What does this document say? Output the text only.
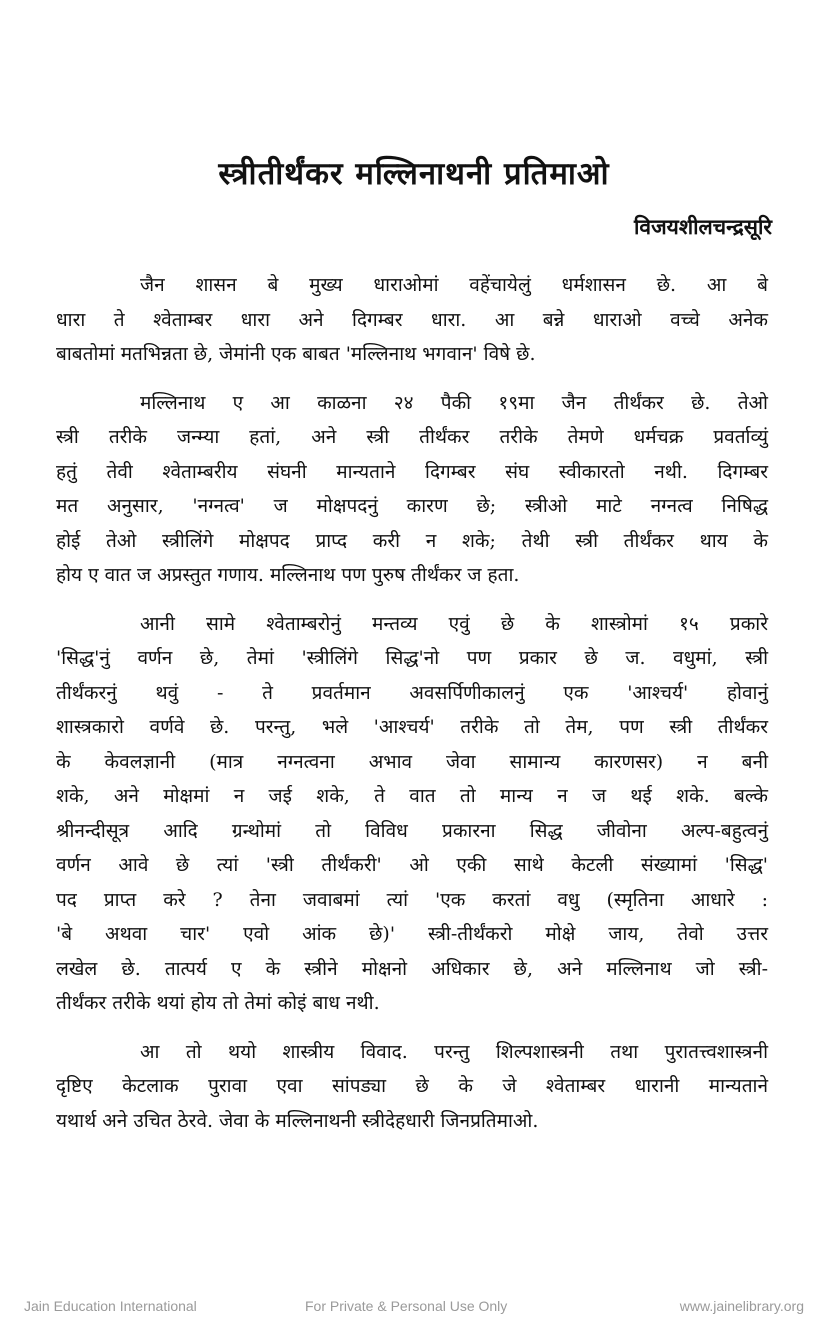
स्त्रीतीर्थंकर मल्लिनाथनी प्रतिमाओ
विजयशीलचन्द्रसूरि

जैन शासन बे मुख्य धाराओमां वहेंचायेलुं धर्मशासन छे. आ बे
धारा ते श्वेताम्बर धारा अने दिगम्बर धारा. आ बन्ने धाराओ वच्चे अनेक
बाबतोमां मतभिन्नता छे, जेमांनी एक बाबत 'मल्लिनाथ भगवान' विषे छे.

मल्लिनाथ ए आ काळना २४ पैकी १९मा जैन तीर्थंकर छे. तेओ
स्त्री तरीके जन्म्या हतां, अने स्त्री तीर्थंकर तरीके तेमणे धर्मचक्र प्रवर्ताव्युं
हतुं तेवी श्वेताम्बरीय संघनी मान्यताने दिगम्बर संघ स्वीकारतो नथी. दिगम्बर
मत अनुसार, 'नग्नत्व' ज मोक्षपदनुं कारण छे; स्त्रीओ माटे नग्नत्व निषिद्ध
होई तेओ स्त्रीलिंगे मोक्षपद प्राप्द करी न शके; तेथी स्त्री तीर्थंकर थाय के
होय ए वात ज अप्रस्तुत गणाय. मल्लिनाथ पण पुरुष तीर्थंकर ज हता.

आनी सामे श्वेताम्बरोनुं मन्तव्य एवुं छे के शास्त्रोमां १५ प्रकारे
'सिद्ध'नुं वर्णन छे, तेमां 'स्त्रीलिंगे सिद्ध'नो पण प्रकार छे ज. वधुमां, स्त्री
तीर्थंकरनुं थवुं - ते प्रवर्तमान अवसर्पिणीकालनुं एक 'आश्चर्य' होवानुं
शास्त्रकारो वर्णवे छे. परन्तु, भले 'आश्चर्य' तरीके तो तेम, पण स्त्री तीर्थंकर
के केवलज्ञानी (मात्र नग्नत्वना अभाव जेवा सामान्य कारणसर) न बनी
शके, अने मोक्षमां न जई शके, ते वात तो मान्य न ज थई शके. बल्के
श्रीनन्दीसूत्र आदि ग्रन्थोमां तो विविध प्रकारना सिद्ध जीवोना अल्प-बहुत्वनुं
वर्णन आवे छे त्यां 'स्त्री तीर्थंकरी' ओ एकी साथे केटली संख्यामां 'सिद्ध'
पद प्राप्त करे ? तेना जवाबमां त्यां 'एक करतां वधु (स्मृतिना आधारे :
'बे अथवा चार' एवो आंक छे)' स्त्री-तीर्थंकरो मोक्षे जाय, तेवो उत्तर
लखेल छे. तात्पर्य ए के स्त्रीने मोक्षनो अधिकार छे, अने मल्लिनाथ जो स्त्री-
तीर्थंकर तरीके थयां होय तो तेमां कोइं बाध नथी.

आ तो थयो शास्त्रीय विवाद. परन्तु शिल्पशास्त्रनी तथा पुरातत्त्वशास्त्रनी
दृष्टिए केटलाक पुरावा एवा सांपड्या छे के जे श्वेताम्बर धारानी मान्यताने
यथार्थ अने उचित ठेरवे. जेवा के मल्लिनाथनी स्त्रीदेहधारी जिनप्रतिमाओ.

Jain Education International	For Private & Personal Use Only	www.jainelibrary.org
